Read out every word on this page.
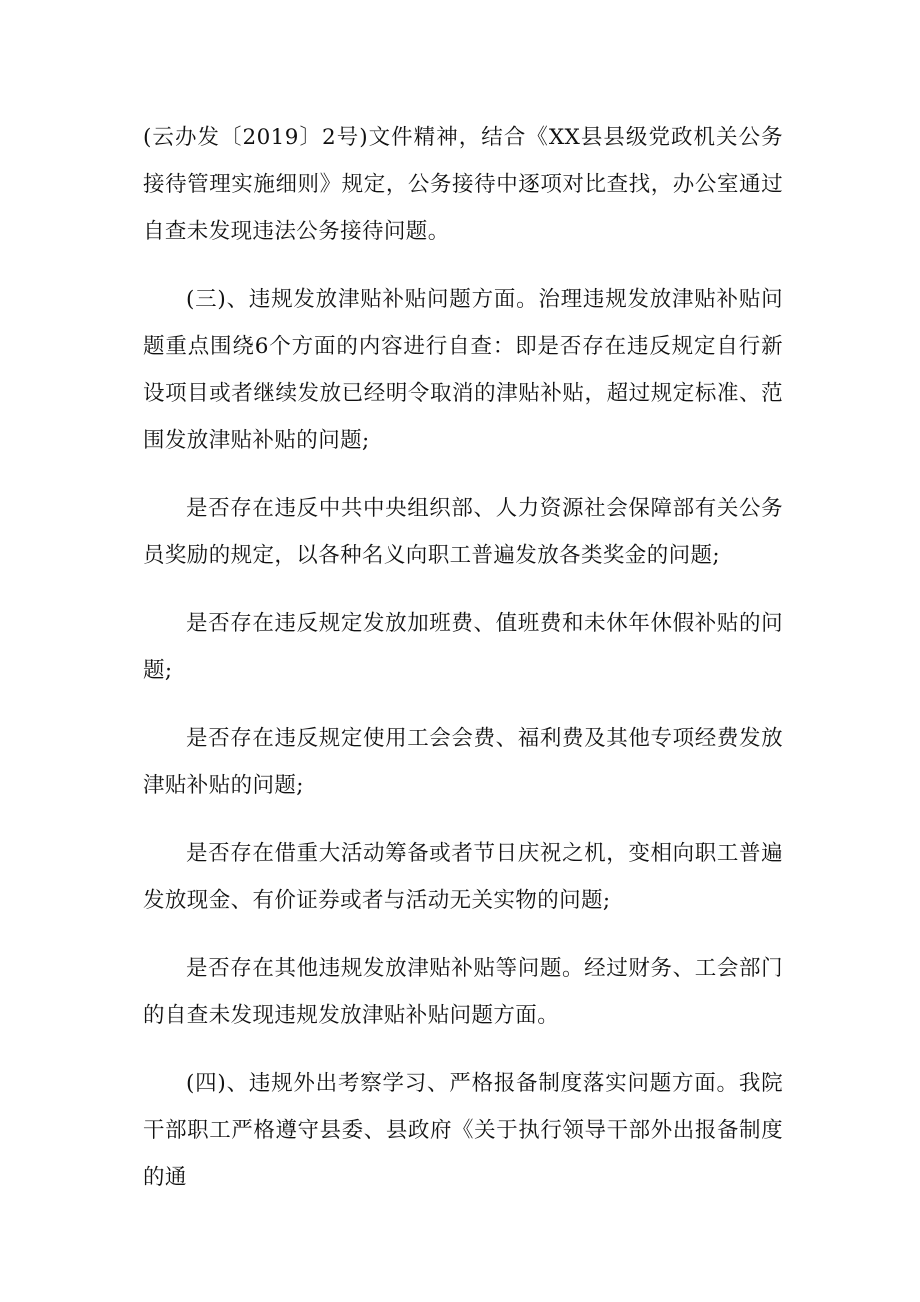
(云办发〔2019〕2号)文件精神，结合《XX县县级党政机关公务接待管理实施细则》规定，公务接待中逐项对比查找，办公室通过自查未发现违法公务接待问题。

(三)、违规发放津贴补贴问题方面。治理违规发放津贴补贴问题重点围绕6个方面的内容进行自查：即是否存在违反规定自行新设项目或者继续发放已经明令取消的津贴补贴，超过规定标准、范围发放津贴补贴的问题;

是否存在违反中共中央组织部、人力资源社会保障部有关公务员奖励的规定，以各种名义向职工普遍发放各类奖金的问题;

是否存在违反规定发放加班费、值班费和未休年休假补贴的问题;

是否存在违反规定使用工会会费、福利费及其他专项经费发放津贴补贴的问题;

是否存在借重大活动筹备或者节日庆祝之机，变相向职工普遍发放现金、有价证券或者与活动无关实物的问题;

是否存在其他违规发放津贴补贴等问题。经过财务、工会部门的自查未发现违规发放津贴补贴问题方面。

(四)、违规外出考察学习、严格报备制度落实问题方面。我院干部职工严格遵守县委、县政府《关于执行领导干部外出报备制度的通
